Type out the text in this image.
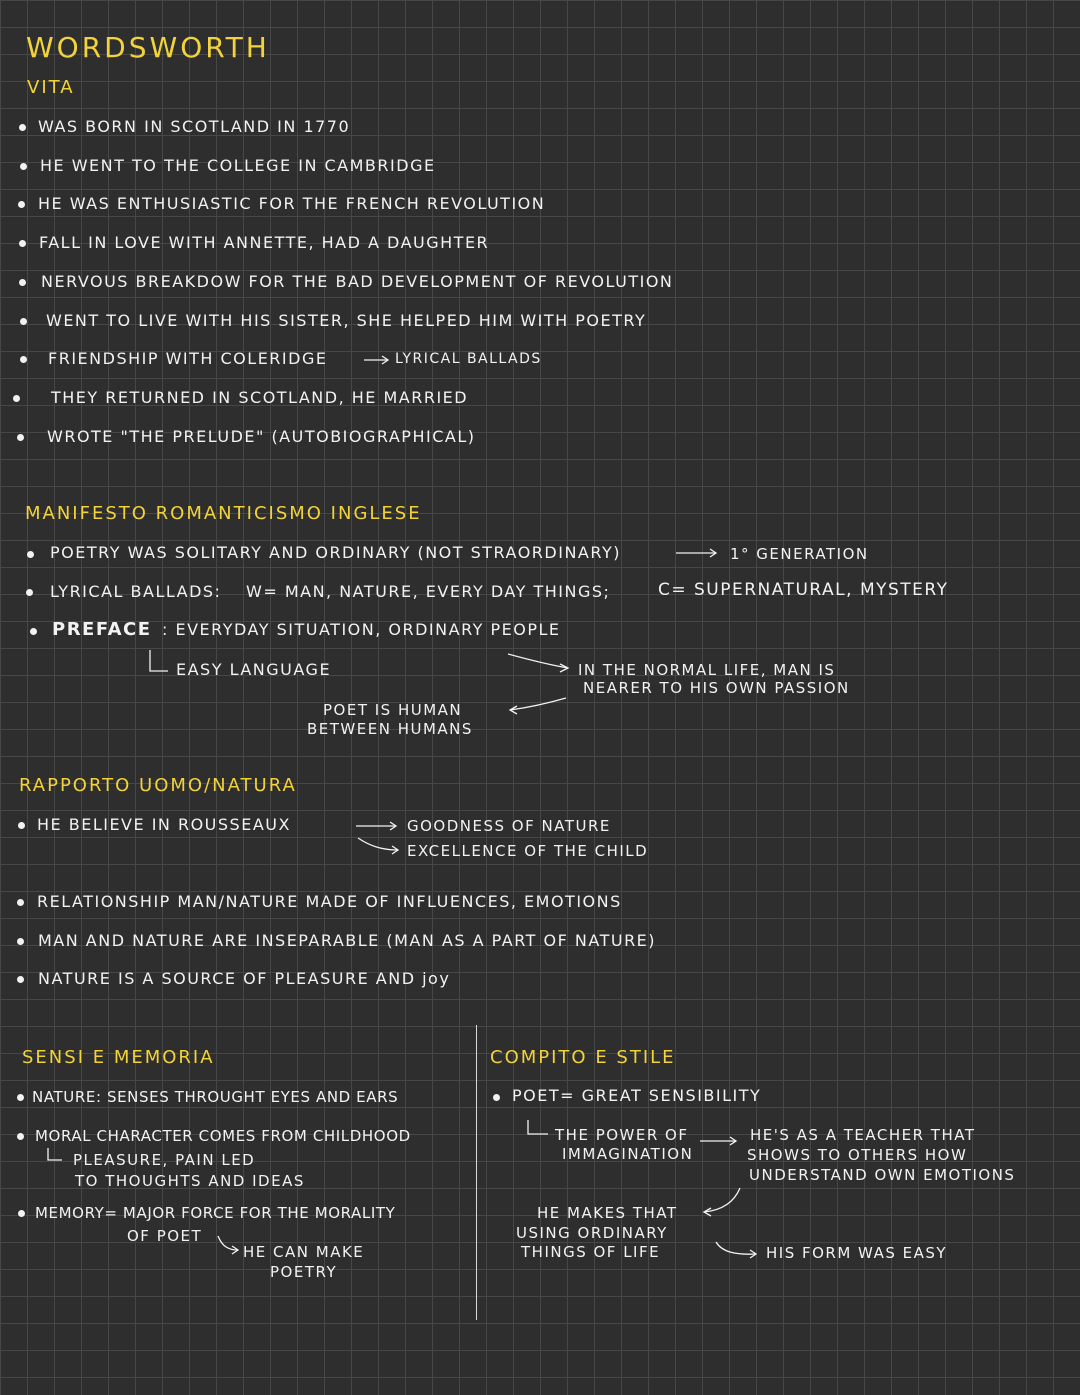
WORDSWORTH
VITA
WAS BORN IN SCOTLAND IN 1770
HE WENT TO THE COLLEGE IN CAMBRIDGE
HE WAS ENTHUSIASTIC FOR THE FRENCH REVOLUTION
FALL IN LOVE WITH ANNETTE, HAD A DAUGHTER
NERVOUS BREAKDOW FOR THE BAD DEVELOPMENT OF REVOLUTION
WENT TO LIVE WITH HIS SISTER, SHE HELPED HIM WITH POETRY
FRIENDSHIP WITH COLERIDGE	LYRICAL BALLADS
THEY RETURNED IN SCOTLAND, HE MARRIED
WROTE "THE PRELUDE" (AUTOBIOGRAPHICAL)
MANIFESTO ROMANTICISMO INGLESE
POETRY WAS SOLITARY AND ORDINARY (NOT STRAORDINARY)	1° GENERATION
LYRICAL BALLADS: W= MAN, NATURE, EVERY DAY THINGS;	C= SUPERNATURAL, MYSTERY
PREFACE : EVERYDAY SITUATION, ORDINARY PEOPLE
EASY LANGUAGE	IN THE NORMAL LIFE, MAN IS
NEARER TO HIS OWN PASSION
POET IS HUMAN
BETWEEN HUMANS
RAPPORTO UOMO/NATURA
HE BELIEVE IN ROUSSEAUX	GOODNESS OF NATURE
EXCELLENCE OF THE CHILD
RELATIONSHIP MAN/NATURE MADE OF INFLUENCES, EMOTIONS
MAN AND NATURE ARE INSEPARABLE (MAN AS A PART OF NATURE)
NATURE IS A SOURCE OF PLEASURE AND joy
SENSI E MEMORIA
NATURE: SENSES THROUGHT EYES AND EARS
MORAL CHARACTER COMES FROM CHILDHOOD
PLEASURE, PAIN LED
TO THOUGHTS AND IDEAS
MEMORY= MAJOR FORCE FOR THE MORALITY
OF POET
HE CAN MAKE
POETRY
COMPITO E STILE
POET= GREAT SENSIBILITY
THE POWER OF
IMMAGINATION
HE'S AS A TEACHER THAT
SHOWS TO OTHERS HOW
UNDERSTAND OWN EMOTIONS
HE MAKES THAT
USING ORDINARY
THINGS OF LIFE	HIS FORM WAS EASY
